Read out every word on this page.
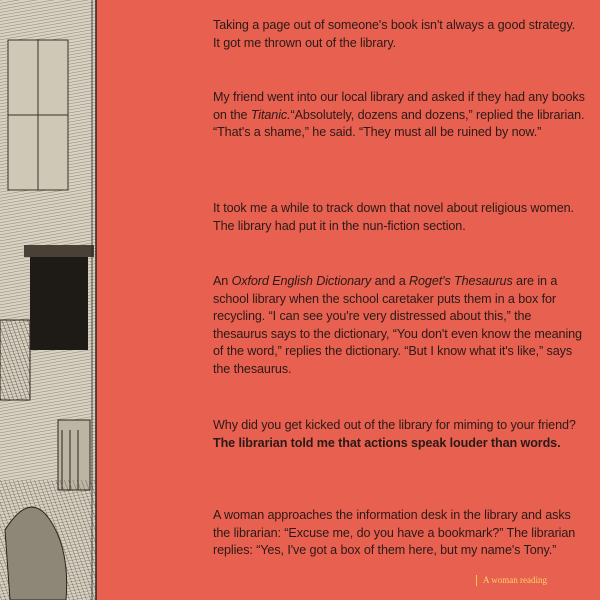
Taking a page out of someone's book isn't always a good strategy. It got me thrown out of the library.

My friend went into our local library and asked if they had any books on the Titanic.“Absolutely, dozens and dozens,” replied the librarian. “That's a shame,” he said. “They must all be ruined by now.”

It took me a while to track down that novel about religious women. The library had put it in the nun-fiction section.

An Oxford English Dictionary and a Roget's Thesaurus are in a school library when the school caretaker puts them in a box for recycling. “I can see you're very distressed about this,” the thesaurus says to the dictionary, “You don't even know the meaning of the word,” replies the dictionary. “But I know what it's like,” says the thesaurus.

Why did you get kicked out of the library for miming to your friend?
The librarian told me that actions speak louder than words.

A woman approaches the information desk in the library and asks the librarian: “Excuse me, do you have a bookmark?” The librarian replies: “Yes, I've got a box of them here, but my name's Tony.”

A woman reading
